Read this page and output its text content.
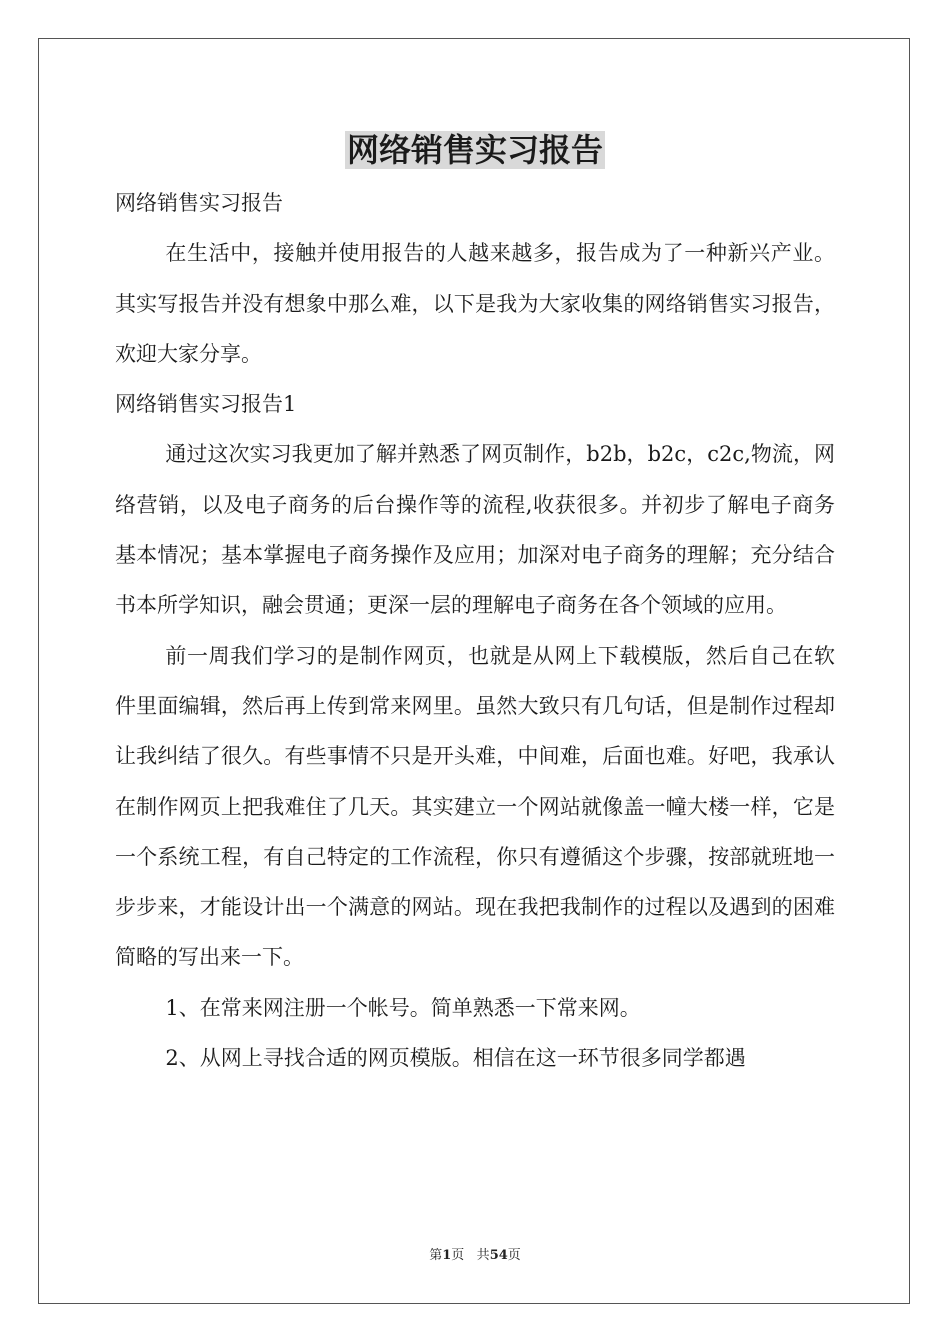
网络销售实习报告

网络销售实习报告

在生活中，接触并使用报告的人越来越多，报告成为了一种新兴产业。其实写报告并没有想象中那么难，以下是我为大家收集的网络销售实习报告，欢迎大家分享。

网络销售实习报告1

通过这次实习我更加了解并熟悉了网页制作，b2b，b2c，c2c,物流，网络营销，以及电子商务的后台操作等的流程,收获很多。并初步了解电子商务基本情况；基本掌握电子商务操作及应用；加深对电子商务的理解；充分结合书本所学知识，融会贯通；更深一层的理解电子商务在各个领域的应用。

前一周我们学习的是制作网页，也就是从网上下载模版，然后自己在软件里面编辑，然后再上传到常来网里。虽然大致只有几句话，但是制作过程却让我纠结了很久。有些事情不只是开头难，中间难，后面也难。好吧，我承认在制作网页上把我难住了几天。其实建立一个网站就像盖一幢大楼一样，它是一个系统工程，有自己特定的工作流程，你只有遵循这个步骤，按部就班地一步步来，才能设计出一个满意的网站。现在我把我制作的过程以及遇到的困难简略的写出来一下。

1、在常来网注册一个帐号。简单熟悉一下常来网。

2、从网上寻找合适的网页模版。相信在这一环节很多同学都遇

第1页 共54页
